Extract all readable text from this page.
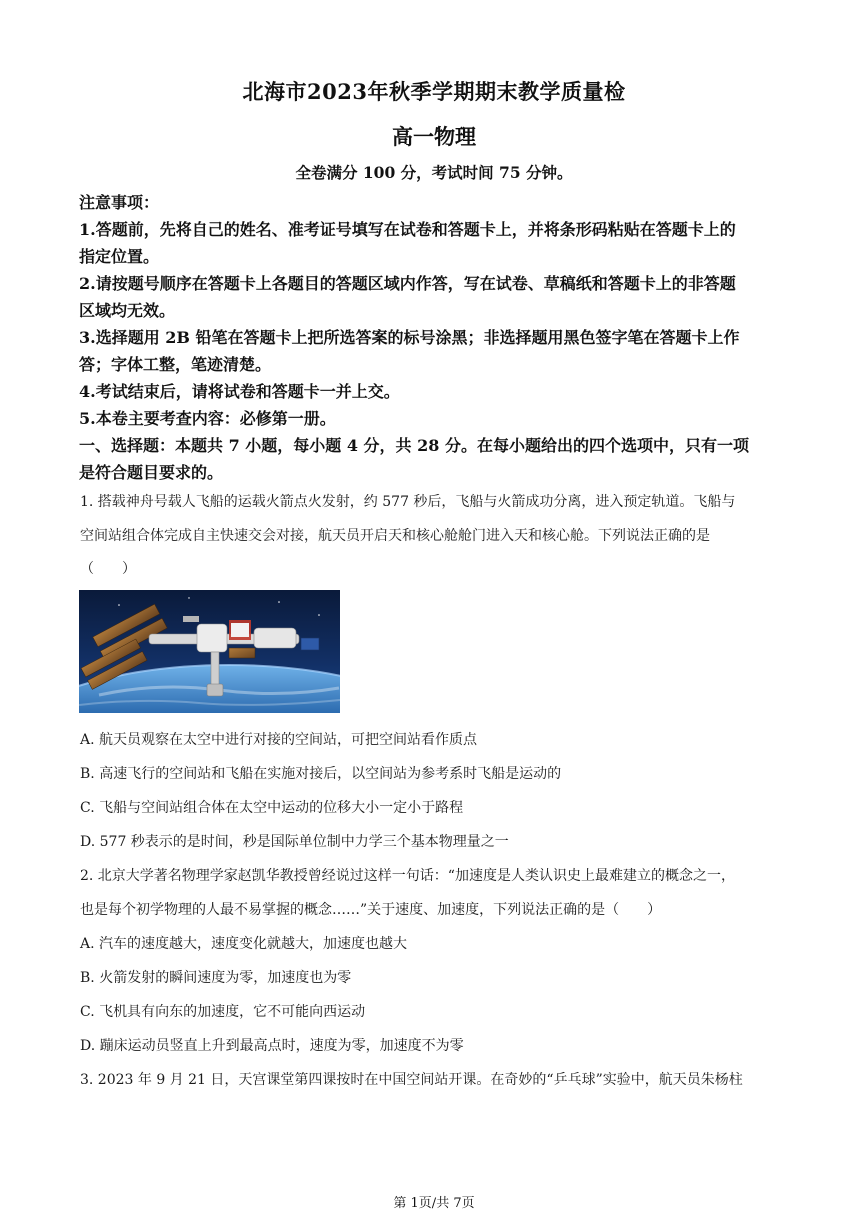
北海市2023年秋季学期期末教学质量检
高一物理
全卷满分 100 分，考试时间 75 分钟。
注意事项：
1.答题前，先将自己的姓名、准考证号填写在试卷和答题卡上，并将条形码粘贴在答题卡上的
指定位置。
2.请按题号顺序在答题卡上各题目的答题区域内作答，写在试卷、草稿纸和答题卡上的非答题
区域均无效。
3.选择题用 2B 铅笔在答题卡上把所选答案的标号涂黑；非选择题用黑色签字笔在答题卡上作
答；字体工整，笔迹清楚。
4.考试结束后，请将试卷和答题卡一并上交。
5.本卷主要考查内容：必修第一册。
一、选择题：本题共 7 小题，每小题 4 分，共 28 分。在每小题给出的四个选项中，只有一项
是符合题目要求的。
1. 搭载神舟号载人飞船的运载火箭点火发射，约 577 秒后，飞船与火箭成功分离，进入预定轨道。飞船与
空间站组合体完成自主快速交会对接，航天员开启天和核心舱舱门进入天和核心舱。下列说法正确的是
（　　）
A. 航天员观察在太空中进行对接的空间站，可把空间站看作质点
B. 高速飞行的空间站和飞船在实施对接后，以空间站为参考系时飞船是运动的
C. 飞船与空间站组合体在太空中运动的位移大小一定小于路程
D. 577 秒表示的是时间，秒是国际单位制中力学三个基本物理量之一
2. 北京大学著名物理学家赵凯华教授曾经说过这样一句话：“加速度是人类认识史上最难建立的概念之一，
也是每个初学物理的人最不易掌握的概念……”关于速度、加速度，下列说法正确的是（　　）
A. 汽车的速度越大，速度变化就越大，加速度也越大
B. 火箭发射的瞬间速度为零，加速度也为零
C. 飞机具有向东的加速度，它不可能向西运动
D. 蹦床运动员竖直上升到最高点时，速度为零，加速度不为零
3. 2023 年 9 月 21 日，天宫课堂第四课按时在中国空间站开课。在奇妙的“乒乓球”实验中，航天员朱杨柱
第 1页/共 7页
